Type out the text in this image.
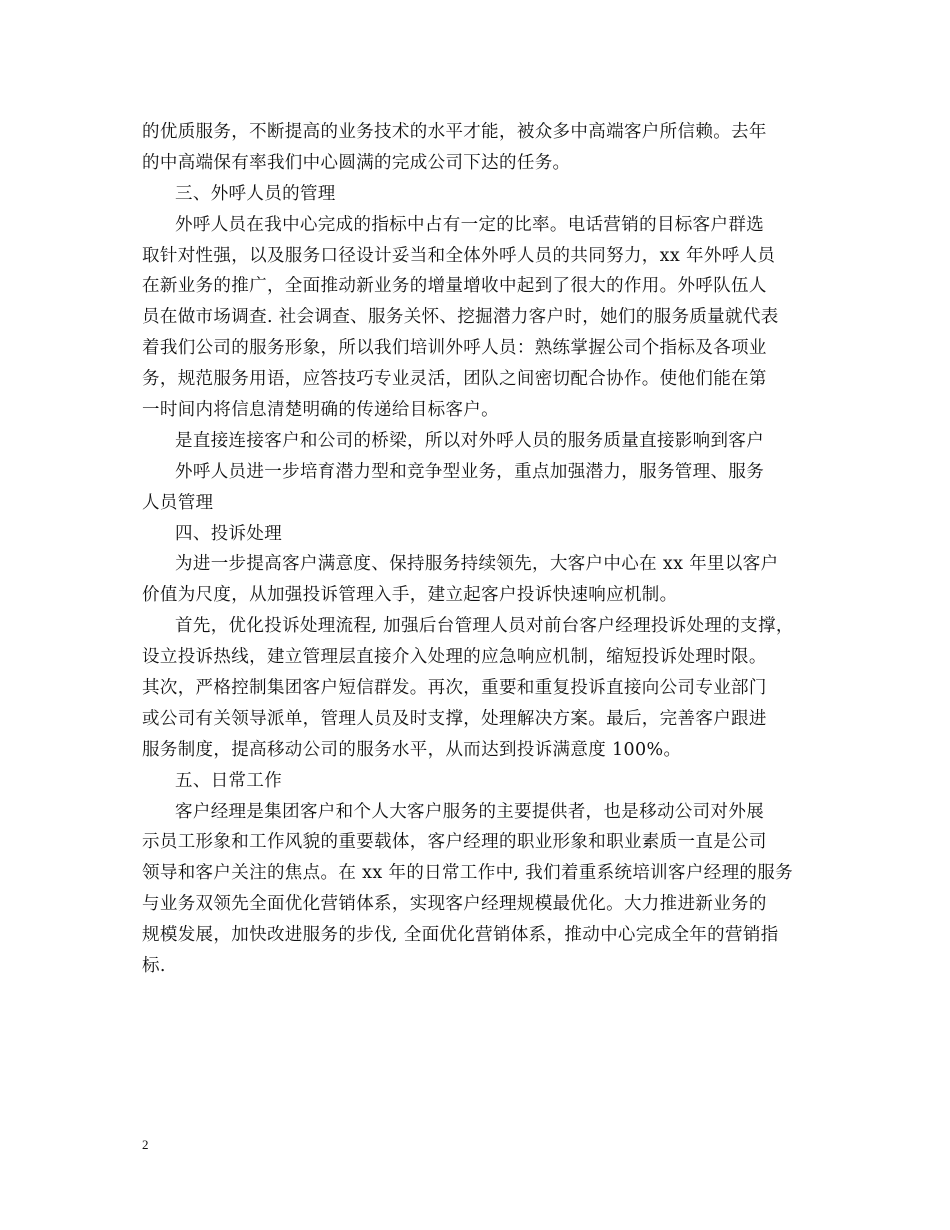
的优质服务，不断提高的业务技术的水平才能，被众多中高端客户所信赖。去年
的中高端保有率我们中心圆满的完成公司下达的任务。
三、外呼人员的管理
外呼人员在我中心完成的指标中占有一定的比率。电话营销的目标客户群选
取针对性强，以及服务口径设计妥当和全体外呼人员的共同努力，xx 年外呼人员
在新业务的推广，全面推动新业务的增量增收中起到了很大的作用。外呼队伍人
员在做市场调查. 社会调查、服务关怀、挖掘潜力客户时，她们的服务质量就代表
着我们公司的服务形象，所以我们培训外呼人员：熟练掌握公司个指标及各项业
务，规范服务用语，应答技巧专业灵活，团队之间密切配合协作。使他们能在第
一时间内将信息清楚明确的传递给目标客户。
是直接连接客户和公司的桥梁，所以对外呼人员的服务质量直接影响到客户
外呼人员进一步培育潜力型和竞争型业务，重点加强潜力，服务管理、服务
人员管理
四、投诉处理
为进一步提高客户满意度、保持服务持续领先，大客户中心在 xx 年里以客户
价值为尺度，从加强投诉管理入手，建立起客户投诉快速响应机制。
首先，优化投诉处理流程, 加强后台管理人员对前台客户经理投诉处理的支撑，
设立投诉热线，建立管理层直接介入处理的应急响应机制，缩短投诉处理时限。
其次，严格控制集团客户短信群发。再次，重要和重复投诉直接向公司专业部门
或公司有关领导派单，管理人员及时支撑，处理解决方案。最后，完善客户跟进
服务制度，提高移动公司的服务水平，从而达到投诉满意度 100%。
五、日常工作
客户经理是集团客户和个人大客户服务的主要提供者，也是移动公司对外展
示员工形象和工作风貌的重要载体，客户经理的职业形象和职业素质一直是公司
领导和客户关注的焦点。在 xx 年的日常工作中, 我们着重系统培训客户经理的服务
与业务双领先全面优化营销体系，实现客户经理规模最优化。大力推进新业务的
规模发展，加快改进服务的步伐, 全面优化营销体系，推动中心完成全年的营销指
标.
2
